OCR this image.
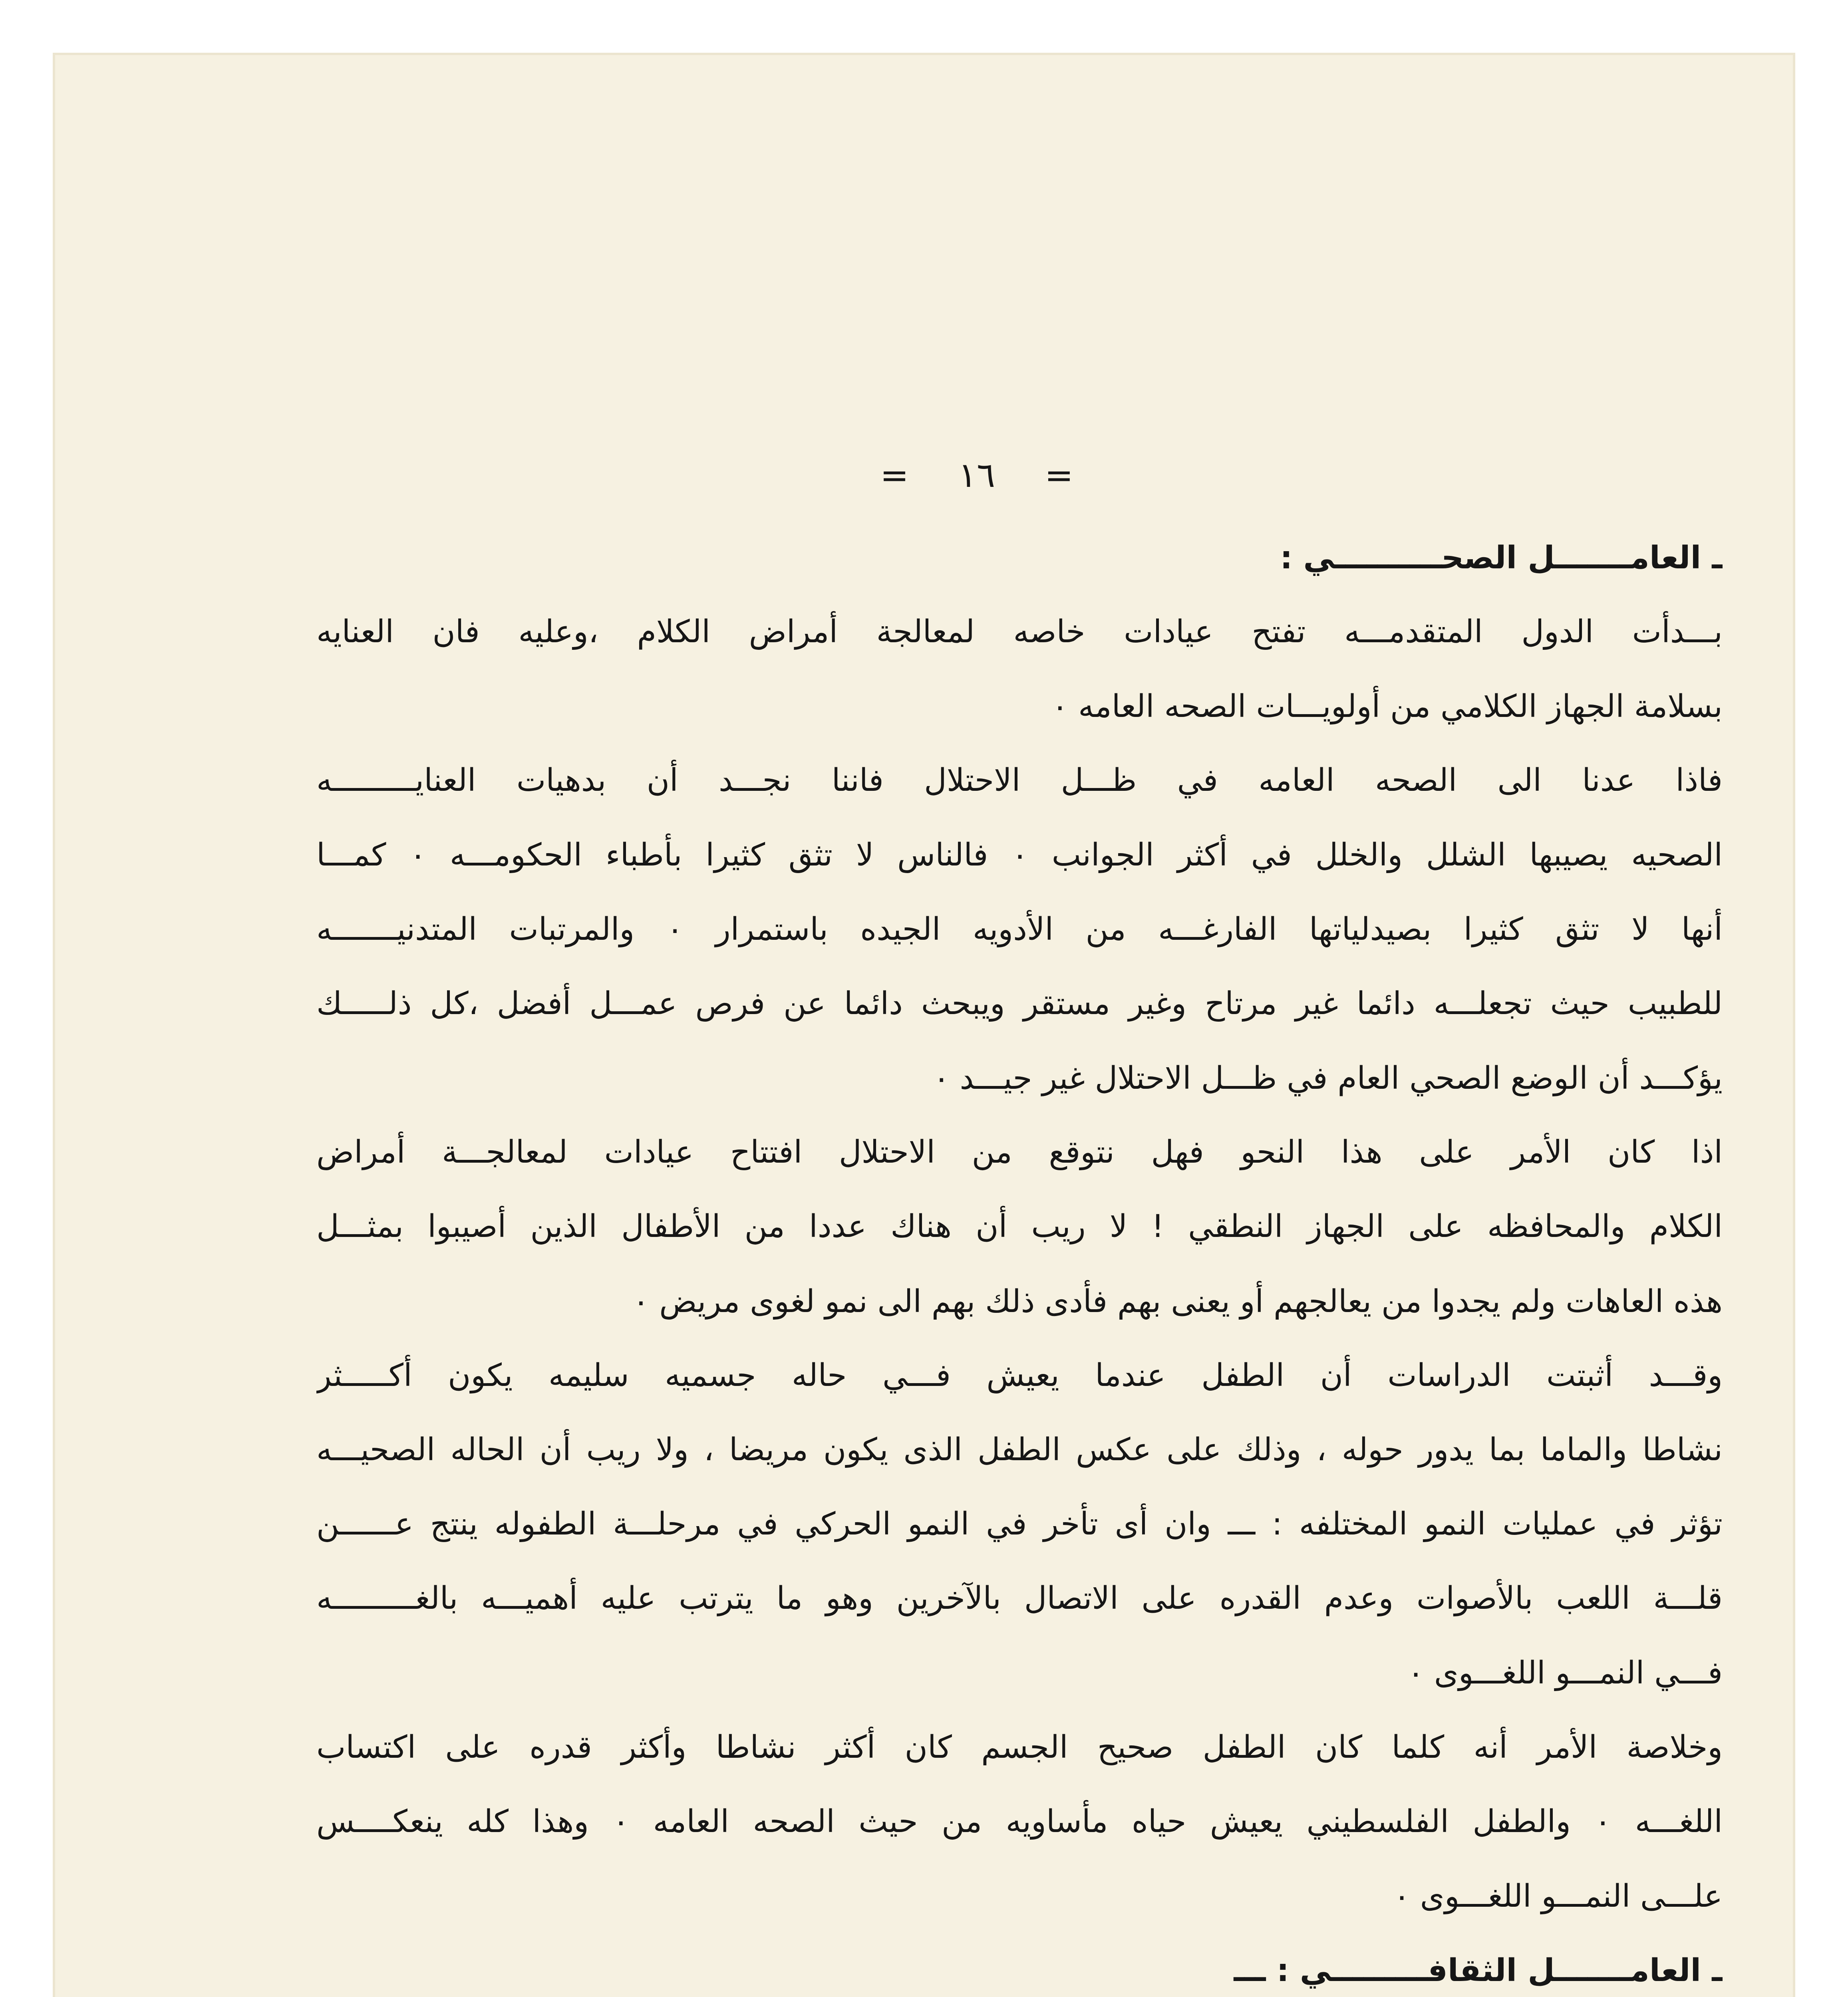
= ١٦ =
ـ العامـــــــل الصحــــــــــي :
بـــدأت الدول المتقدمـــه تفتح عيادات خاصه لمعالجة أمراض الكلام ،وعليه فان العنايه
بسلامة الجهاز الكلامي من أولويـــات الصحه العامه ٠
فاذا عدنا الى الصحه العامه في ظـــل الاحتلال فاننا نجـــد أن بدهيات العنايـــــــــه
الصحيه يصيبها الشلل والخلل في أكثر الجوانب ٠ فالناس لا تثق كثيرا بأطباء الحكومـــه ٠ كمـــا
أنها لا تثق كثيرا بصيدلياتها الفارغـــه من الأدويه الجيده باستمرار ٠ والمرتبات المتدنيـــــــه
للطبيب حيث تجعلـــه دائما غير مرتاح وغير مستقر ويبحث دائما عن فرص عمـــل أفضل ،كل ذلـــــك
يؤكـــد أن الوضع الصحي العام في ظـــل الاحتلال غير جيـــد ٠
اذا كان الأمر على هذا النحو فهل نتوقع من الاحتلال افتتاح عيادات لمعالجـــة أمراض
الكلام والمحافظه على الجهاز النطقي ! لا ريب أن هناك عددا من الأطفال الذين أصيبوا بمثـــل
هذه العاهات ولم يجدوا من يعالجهم أو يعنى بهم فأدى ذلك بهم الى نمو لغوى مريض ٠
وقـــد أثبتت الدراسات أن الطفل عندما يعيش فـــي حاله جسميه سليمه يكون أكـــــثر
نشاطا والماما بما يدور حوله ، وذلك على عكس الطفل الذى يكون مريضا ، ولا ريب أن الحاله الصحيـــه
تؤثر في عمليات النمو المختلفه : ـــ وان أى تأخر في النمو الحركي في مرحلـــة الطفوله ينتج عــــــن
قلـــة اللعب بالأصوات وعدم القدره على الاتصال بالآخرين وهو ما يترتب عليه أهميـــه بالغـــــــــه
فـــي النمـــو اللغـــوى ٠
وخلاصة الأمر أنه كلما كان الطفل صحيح الجسم كان أكثر نشاطا وأكثر قدره على اكتساب
اللغـــه ٠ والطفل الفلسطيني يعيش حياه مأساويه من حيث الصحه العامه ٠ وهذا كله ينعكــــس
علـــى النمـــو اللغـــوى ٠
ـ العامـــــــل الثقافـــــــــي : ـــ
